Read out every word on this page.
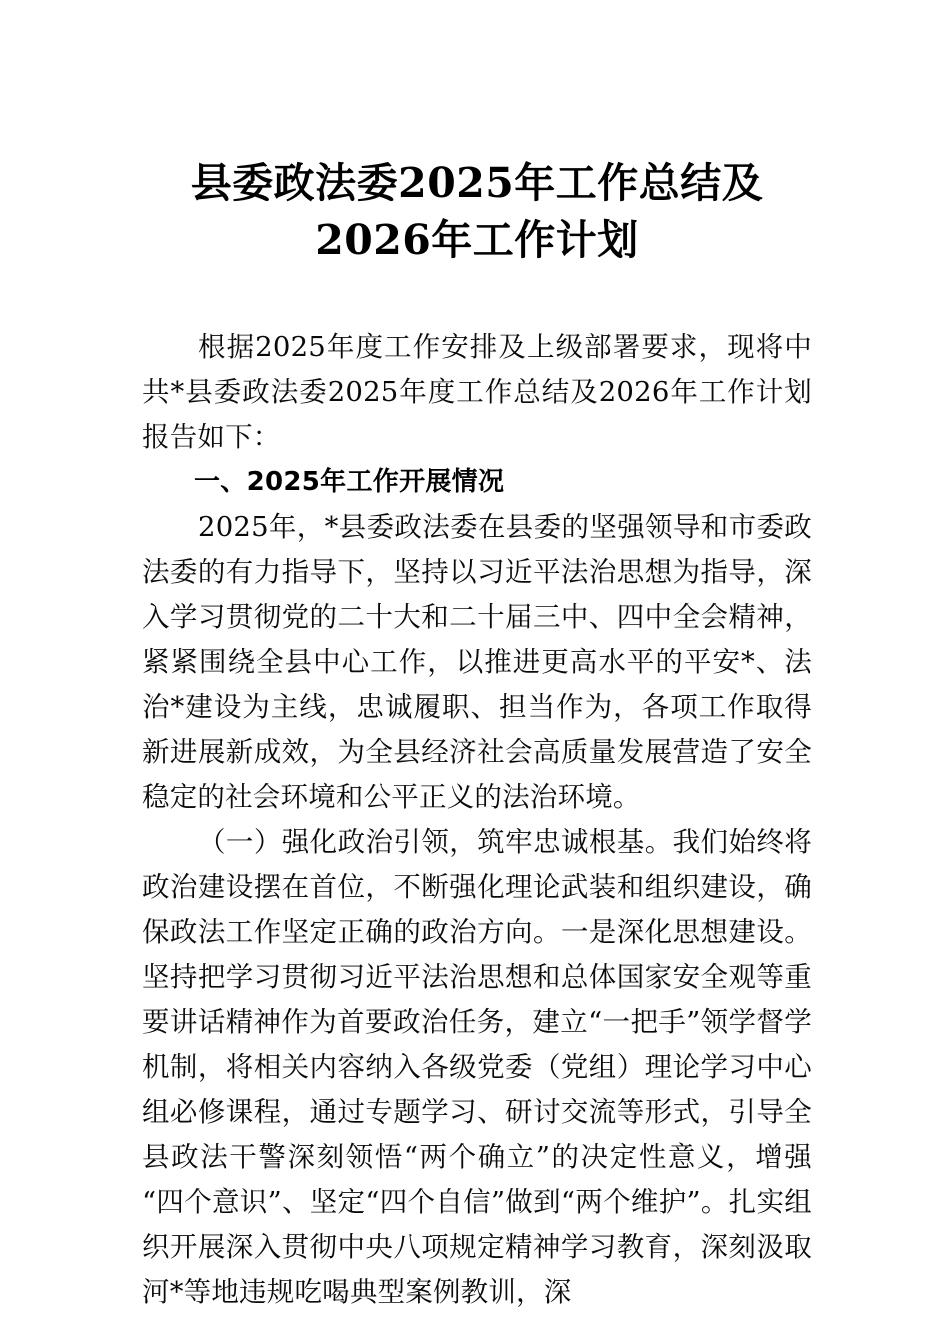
县委政法委2025年工作总结及2026年工作计划

根据2025年度工作安排及上级部署要求，现将中共*县委政法委2025年度工作总结及2026年工作计划报告如下：

一、2025年工作开展情况

2025年，*县委政法委在县委的坚强领导和市委政法委的有力指导下，坚持以习近平法治思想为指导，深入学习贯彻党的二十大和二十届三中、四中全会精神，紧紧围绕全县中心工作，以推进更高水平的平安*、法治*建设为主线，忠诚履职、担当作为，各项工作取得新进展新成效，为全县经济社会高质量发展营造了安全稳定的社会环境和公平正义的法治环境。

（一）强化政治引领，筑牢忠诚根基。我们始终将政治建设摆在首位，不断强化理论武装和组织建设，确保政法工作坚定正确的政治方向。一是深化思想建设。坚持把学习贯彻习近平法治思想和总体国家安全观等重要讲话精神作为首要政治任务，建立“一把手”领学督学机制，将相关内容纳入各级党委（党组）理论学习中心组必修课程，通过专题学习、研讨交流等形式，引导全县政法干警深刻领悟“两个确立”的决定性意义，增强“四个意识”、坚定“四个自信”做到“两个维护”。扎实组织开展深入贯彻中央八项规定精神学习教育，深刻汲取河*等地违规吃喝典型案例教训，深
